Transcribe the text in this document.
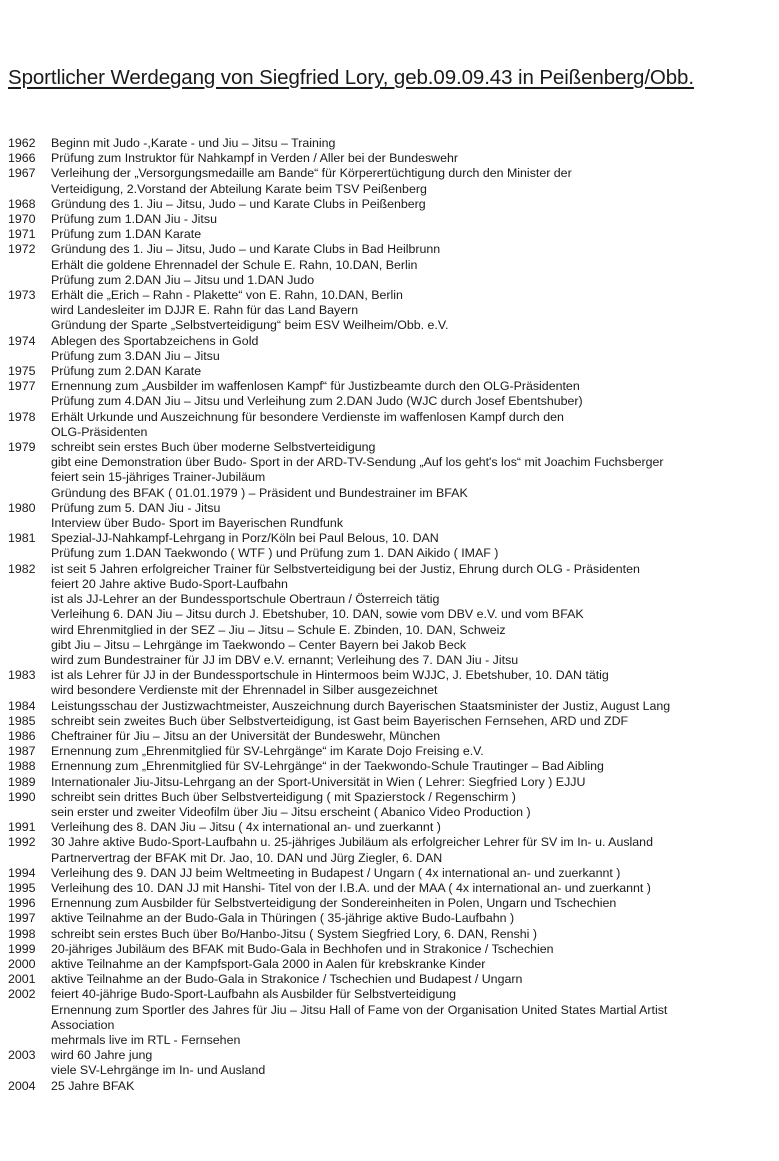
Sportlicher Werdegang von Siegfried Lory, geb.09.09.43 in Peißenberg/Obb.
1962	Beginn mit Judo -,Karate - und Jiu – Jitsu – Training
1966	Prüfung zum Instruktor für Nahkampf in Verden / Aller bei der Bundeswehr
1967	Verleihung der „Versorgungsmedaille am Bande“ für Körperertüchtigung durch den Minister der
Verteidigung, 2.Vorstand der Abteilung Karate beim TSV Peißenberg
1968	Gründung des 1. Jiu – Jitsu, Judo – und Karate Clubs in Peißenberg
1970	Prüfung zum 1.DAN Jiu - Jitsu
1971	Prüfung zum 1.DAN Karate
1972	Gründung des 1. Jiu – Jitsu, Judo – und Karate Clubs in Bad Heilbrunn
Erhält die goldene Ehrennadel der Schule E. Rahn, 10.DAN, Berlin
Prüfung zum 2.DAN Jiu – Jitsu und 1.DAN Judo
1973	Erhält die „Erich – Rahn - Plakette“ von E. Rahn, 10.DAN, Berlin
wird Landesleiter im DJJR E. Rahn für das Land Bayern
Gründung der Sparte „Selbstverteidigung“ beim ESV Weilheim/Obb. e.V.
1974	Ablegen des Sportabzeichens in Gold
Prüfung zum 3.DAN Jiu – Jitsu
1975	Prüfung zum 2.DAN Karate
1977	Ernennung zum „Ausbilder im waffenlosen Kampf“ für Justizbeamte durch den OLG-Präsidenten
Prüfung zum 4.DAN Jiu – Jitsu und Verleihung zum 2.DAN Judo (WJC durch Josef Ebentshuber)
1978	Erhält Urkunde und Auszeichnung für besondere Verdienste im waffenlosen Kampf durch den
OLG-Präsidenten
1979	schreibt sein erstes Buch über moderne Selbstverteidigung
gibt eine Demonstration über Budo- Sport in der ARD-TV-Sendung „Auf los geht's los“ mit Joachim Fuchsberger
feiert sein 15-jähriges Trainer-Jubiläum
Gründung des BFAK ( 01.01.1979 ) – Präsident und Bundestrainer im BFAK
1980	Prüfung zum 5. DAN Jiu - Jitsu
Interview über Budo- Sport im Bayerischen Rundfunk
1981	Spezial-JJ-Nahkampf-Lehrgang in Porz/Köln bei Paul Belous, 10. DAN
Prüfung zum 1.DAN Taekwondo ( WTF ) und Prüfung zum 1. DAN Aikido ( IMAF )
1982	ist seit 5 Jahren erfolgreicher Trainer für Selbstverteidigung bei der Justiz, Ehrung durch OLG - Präsidenten
feiert 20 Jahre aktive Budo-Sport-Laufbahn
ist als JJ-Lehrer an der Bundessportschule Obertraun / Österreich tätig
Verleihung 6. DAN Jiu – Jitsu durch J. Ebetshuber, 10. DAN, sowie vom DBV e.V. und vom BFAK
wird Ehrenmitglied in der SEZ – Jiu – Jitsu – Schule E. Zbinden, 10. DAN, Schweiz
gibt Jiu – Jitsu – Lehrgänge im Taekwondo – Center Bayern bei Jakob Beck
wird zum Bundestrainer für JJ im DBV e.V. ernannt; Verleihung des 7. DAN Jiu - Jitsu
1983	ist als Lehrer für JJ in der Bundessportschule in Hintermoos beim WJJC, J. Ebetshuber, 10. DAN tätig
wird besondere Verdienste mit der Ehrennadel in Silber ausgezeichnet
1984	Leistungsschau der Justizwachtmeister, Auszeichnung durch Bayerischen Staatsminister der Justiz, August Lang
1985	schreibt sein zweites Buch über Selbstverteidigung, ist Gast beim Bayerischen Fernsehen, ARD und ZDF
1986	Cheftrainer für Jiu – Jitsu an der Universität der Bundeswehr, München
1987	Ernennung zum „Ehrenmitglied für SV-Lehrgänge“ im Karate Dojo Freising e.V.
1988	Ernennung zum „Ehrenmitglied für SV-Lehrgänge“ in der Taekwondo-Schule Trautinger – Bad Aibling
1989	Internationaler Jiu-Jitsu-Lehrgang an der Sport-Universität in Wien ( Lehrer: Siegfried Lory ) EJJU
1990	schreibt sein drittes Buch über Selbstverteidigung ( mit Spazierstock / Regenschirm )
sein erster und zweiter Videofilm über Jiu – Jitsu erscheint ( Abanico Video Production )
1991	Verleihung des 8. DAN Jiu – Jitsu ( 4x international an- und zuerkannt )
1992	30 Jahre aktive Budo-Sport-Laufbahn u. 25-jähriges Jubiläum als erfolgreicher Lehrer für SV im In- u. Ausland
Partnervertrag der BFAK mit Dr. Jao, 10. DAN und Jürg Ziegler, 6. DAN
1994	Verleihung des 9. DAN JJ beim Weltmeeting in Budapest / Ungarn ( 4x international an- und zuerkannt )
1995	Verleihung des 10. DAN JJ mit Hanshi- Titel von der I.B.A. und der MAA ( 4x international an- und zuerkannt )
1996	Ernennung zum Ausbilder für Selbstverteidigung der Sondereinheiten in Polen, Ungarn und Tschechien
1997	aktive Teilnahme an der Budo-Gala in Thüringen ( 35-jährige aktive Budo-Laufbahn )
1998	schreibt sein erstes Buch über Bo/Hanbo-Jitsu ( System Siegfried Lory, 6. DAN, Renshi )
1999	20-jähriges Jubiläum des BFAK mit Budo-Gala in Bechhofen und in Strakonice / Tschechien
2000	aktive Teilnahme an der Kampfsport-Gala 2000 in Aalen für krebskranke Kinder
2001	aktive Teilnahme an der Budo-Gala in Strakonice / Tschechien und Budapest / Ungarn
2002	feiert 40-jährige Budo-Sport-Laufbahn als Ausbilder für Selbstverteidigung
Ernennung zum Sportler des Jahres für Jiu – Jitsu Hall of Fame von der Organisation United States Martial Artist
Association
mehrmals live im RTL - Fernsehen
2003	wird 60 Jahre jung
viele SV-Lehrgänge im In- und Ausland
2004	25 Jahre BFAK
